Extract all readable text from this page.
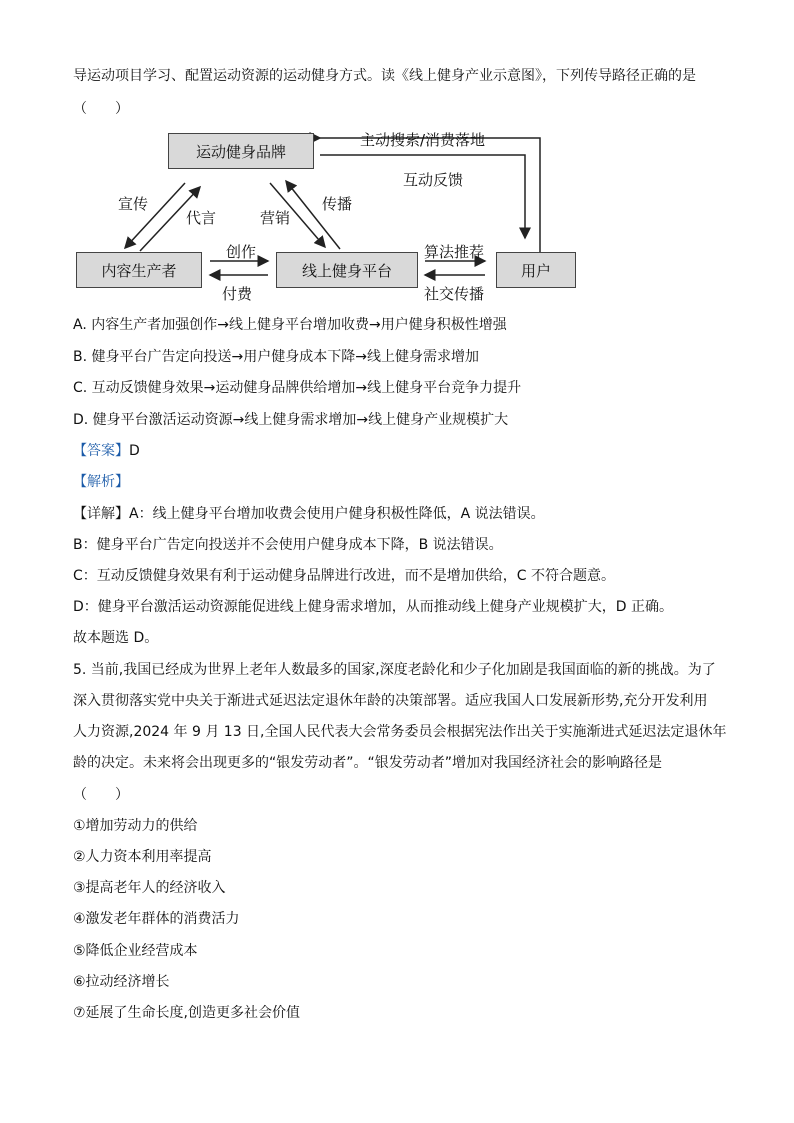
导运动项目学习、配置运动资源的运动健身方式。读《线上健身产业示意图》，下列传导路径正确的是
（　　）
运动健身品牌
内容生产者	线上健身平台	用户
主动搜索/消费落地
互动反馈
宣传
代言	营销
传播
创作
付费
算法推荐
社交传播
A. 内容生产者加强创作→线上健身平台增加收费→用户健身积极性增强
B. 健身平台广告定向投送→用户健身成本下降→线上健身需求增加
C. 互动反馈健身效果→运动健身品牌供给增加→线上健身平台竞争力提升
D. 健身平台激活运动资源→线上健身需求增加→线上健身产业规模扩大
【答案】D
【解析】
【详解】A：线上健身平台增加收费会使用户健身积极性降低，A 说法错误。
B：健身平台广告定向投送并不会使用户健身成本下降，B 说法错误。
C：互动反馈健身效果有利于运动健身品牌进行改进，而不是增加供给，C 不符合题意。
D：健身平台激活运动资源能促进线上健身需求增加，从而推动线上健身产业规模扩大，D 正确。
故本题选 D。
5. 当前,我国已经成为世界上老年人数最多的国家,深度老龄化和少子化加剧是我国面临的新的挑战。为了
深入贯彻落实党中央关于渐进式延迟法定退休年龄的决策部署。适应我国人口发展新形势,充分开发利用
人力资源,2024 年 9 月 13 日,全国人民代表大会常务委员会根据宪法作出关于实施渐进式延迟法定退休年
龄的决定。未来将会出现更多的“银发劳动者”。“银发劳动者”增加对我国经济社会的影响路径是
（　　）
①增加劳动力的供给
②人力资本利用率提高
③提高老年人的经济收入
④激发老年群体的消费活力
⑤降低企业经营成本
⑥拉动经济增长
⑦延展了生命长度,创造更多社会价值
